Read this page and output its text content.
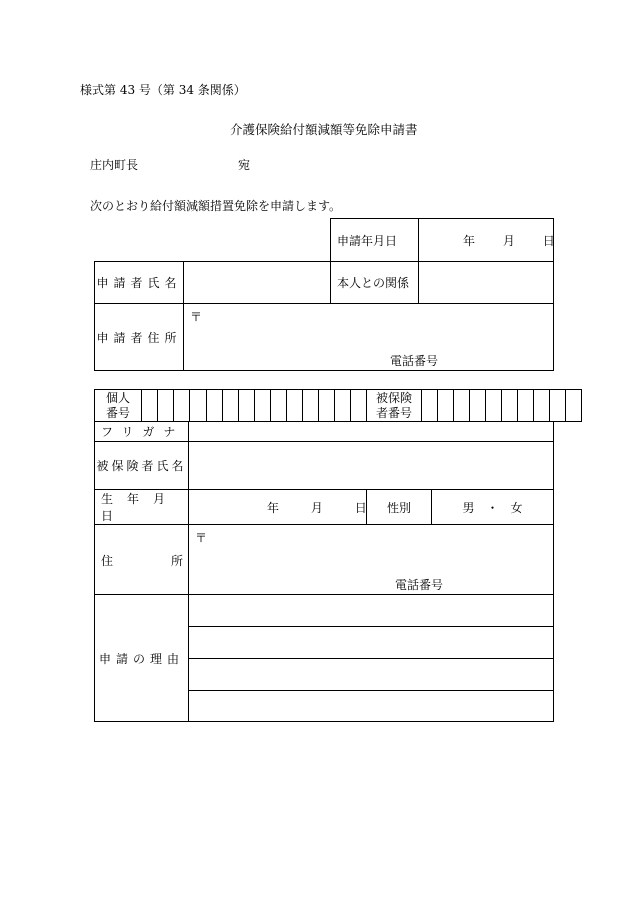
様式第 43 号（第 34 条関係）
介護保険給付額減額等免除申請書
庄内町長	宛
次のとおり給付額減額措置免除を申請します。
		申請年月日	年 月 日
申請者氏名		本人との関係	
申請者住所	〒
電話番号		
個人
番号

被保険
者番号

フリガナ			
被保険者氏名			
生年月日	年 月 日	性別	男　・　女

住 所	〒
電話番号		

申請の理由			
